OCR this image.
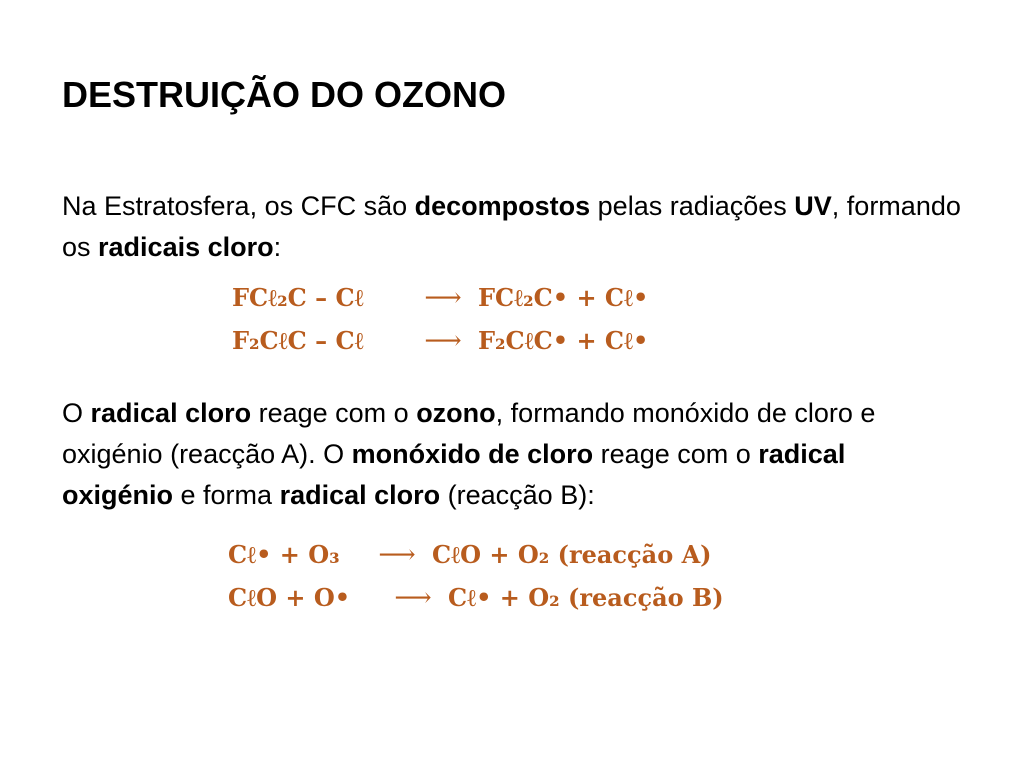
DESTRUIÇÃO DO OZONO
Na Estratosfera, os CFC são decompostos pelas radiações UV, formando os radicais cloro:
FCℓ₂C – Cℓ	⟶ FCℓ₂C• + Cℓ•
F₂CℓC – Cℓ	⟶ F₂CℓC• + Cℓ•
O radical cloro reage com o ozono, formando monóxido de cloro e oxigénio (reacção A). O monóxido de cloro reage com o radical oxigénio e forma radical cloro (reacção B):
Cℓ• + O₃	⟶ CℓO + O₂ (reacção A)
CℓO + O•	⟶ Cℓ• + O₂ (reacção B)
